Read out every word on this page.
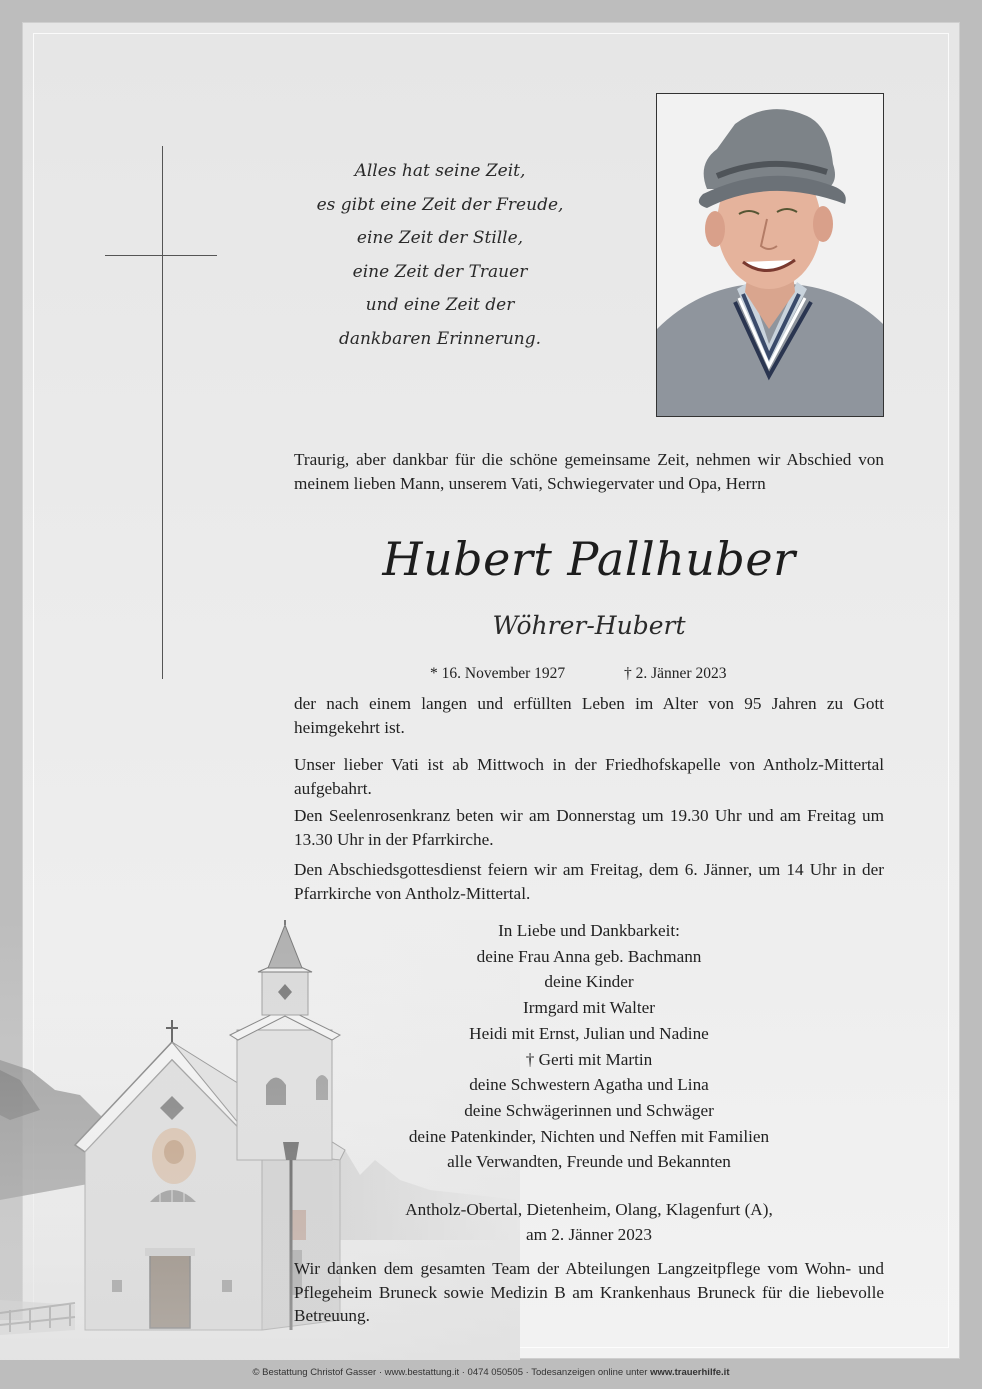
Alles hat seine Zeit,
es gibt eine Zeit der Freude,
eine Zeit der Stille,
eine Zeit der Trauer
und eine Zeit der
dankbaren Erinnerung.
Traurig, aber dankbar für die schöne gemeinsame Zeit, nehmen wir Abschied von meinem lieben Mann, unserem Vati, Schwiegervater und Opa, Herrn
Hubert Pallhuber
Wöhrer-Hubert
* 16. November 1927	† 2. Jänner 2023
der nach einem langen und erfüllten Leben im Alter von 95 Jahren zu Gott heimgekehrt ist.
Unser lieber Vati ist ab Mittwoch in der Friedhofskapelle von Antholz-Mittertal aufgebahrt.
Den Seelenrosenkranz beten wir am Donnerstag um 19.30 Uhr und am Freitag um 13.30 Uhr in der Pfarrkirche.
Den Abschiedsgottesdienst feiern wir am Freitag, dem 6. Jänner, um 14 Uhr in der Pfarrkirche von Antholz-Mittertal.
In Liebe und Dankbarkeit:
deine Frau Anna geb. Bachmann
deine Kinder
Irmgard mit Walter
Heidi mit Ernst, Julian und Nadine
† Gerti mit Martin
deine Schwestern Agatha und Lina
deine Schwägerinnen und Schwäger
deine Patenkinder, Nichten und Neffen mit Familien
alle Verwandten, Freunde und Bekannten
Antholz-Obertal, Dietenheim, Olang, Klagenfurt (A),
am 2. Jänner 2023
Wir danken dem gesamten Team der Abteilungen Langzeitpflege vom Wohn- und Pflegeheim Bruneck sowie Medizin B am Krankenhaus Bruneck für die liebevolle Betreuung.
© Bestattung Christof Gasser · www.bestattung.it · 0474 050505 · Todesanzeigen online unter www.trauerhilfe.it
